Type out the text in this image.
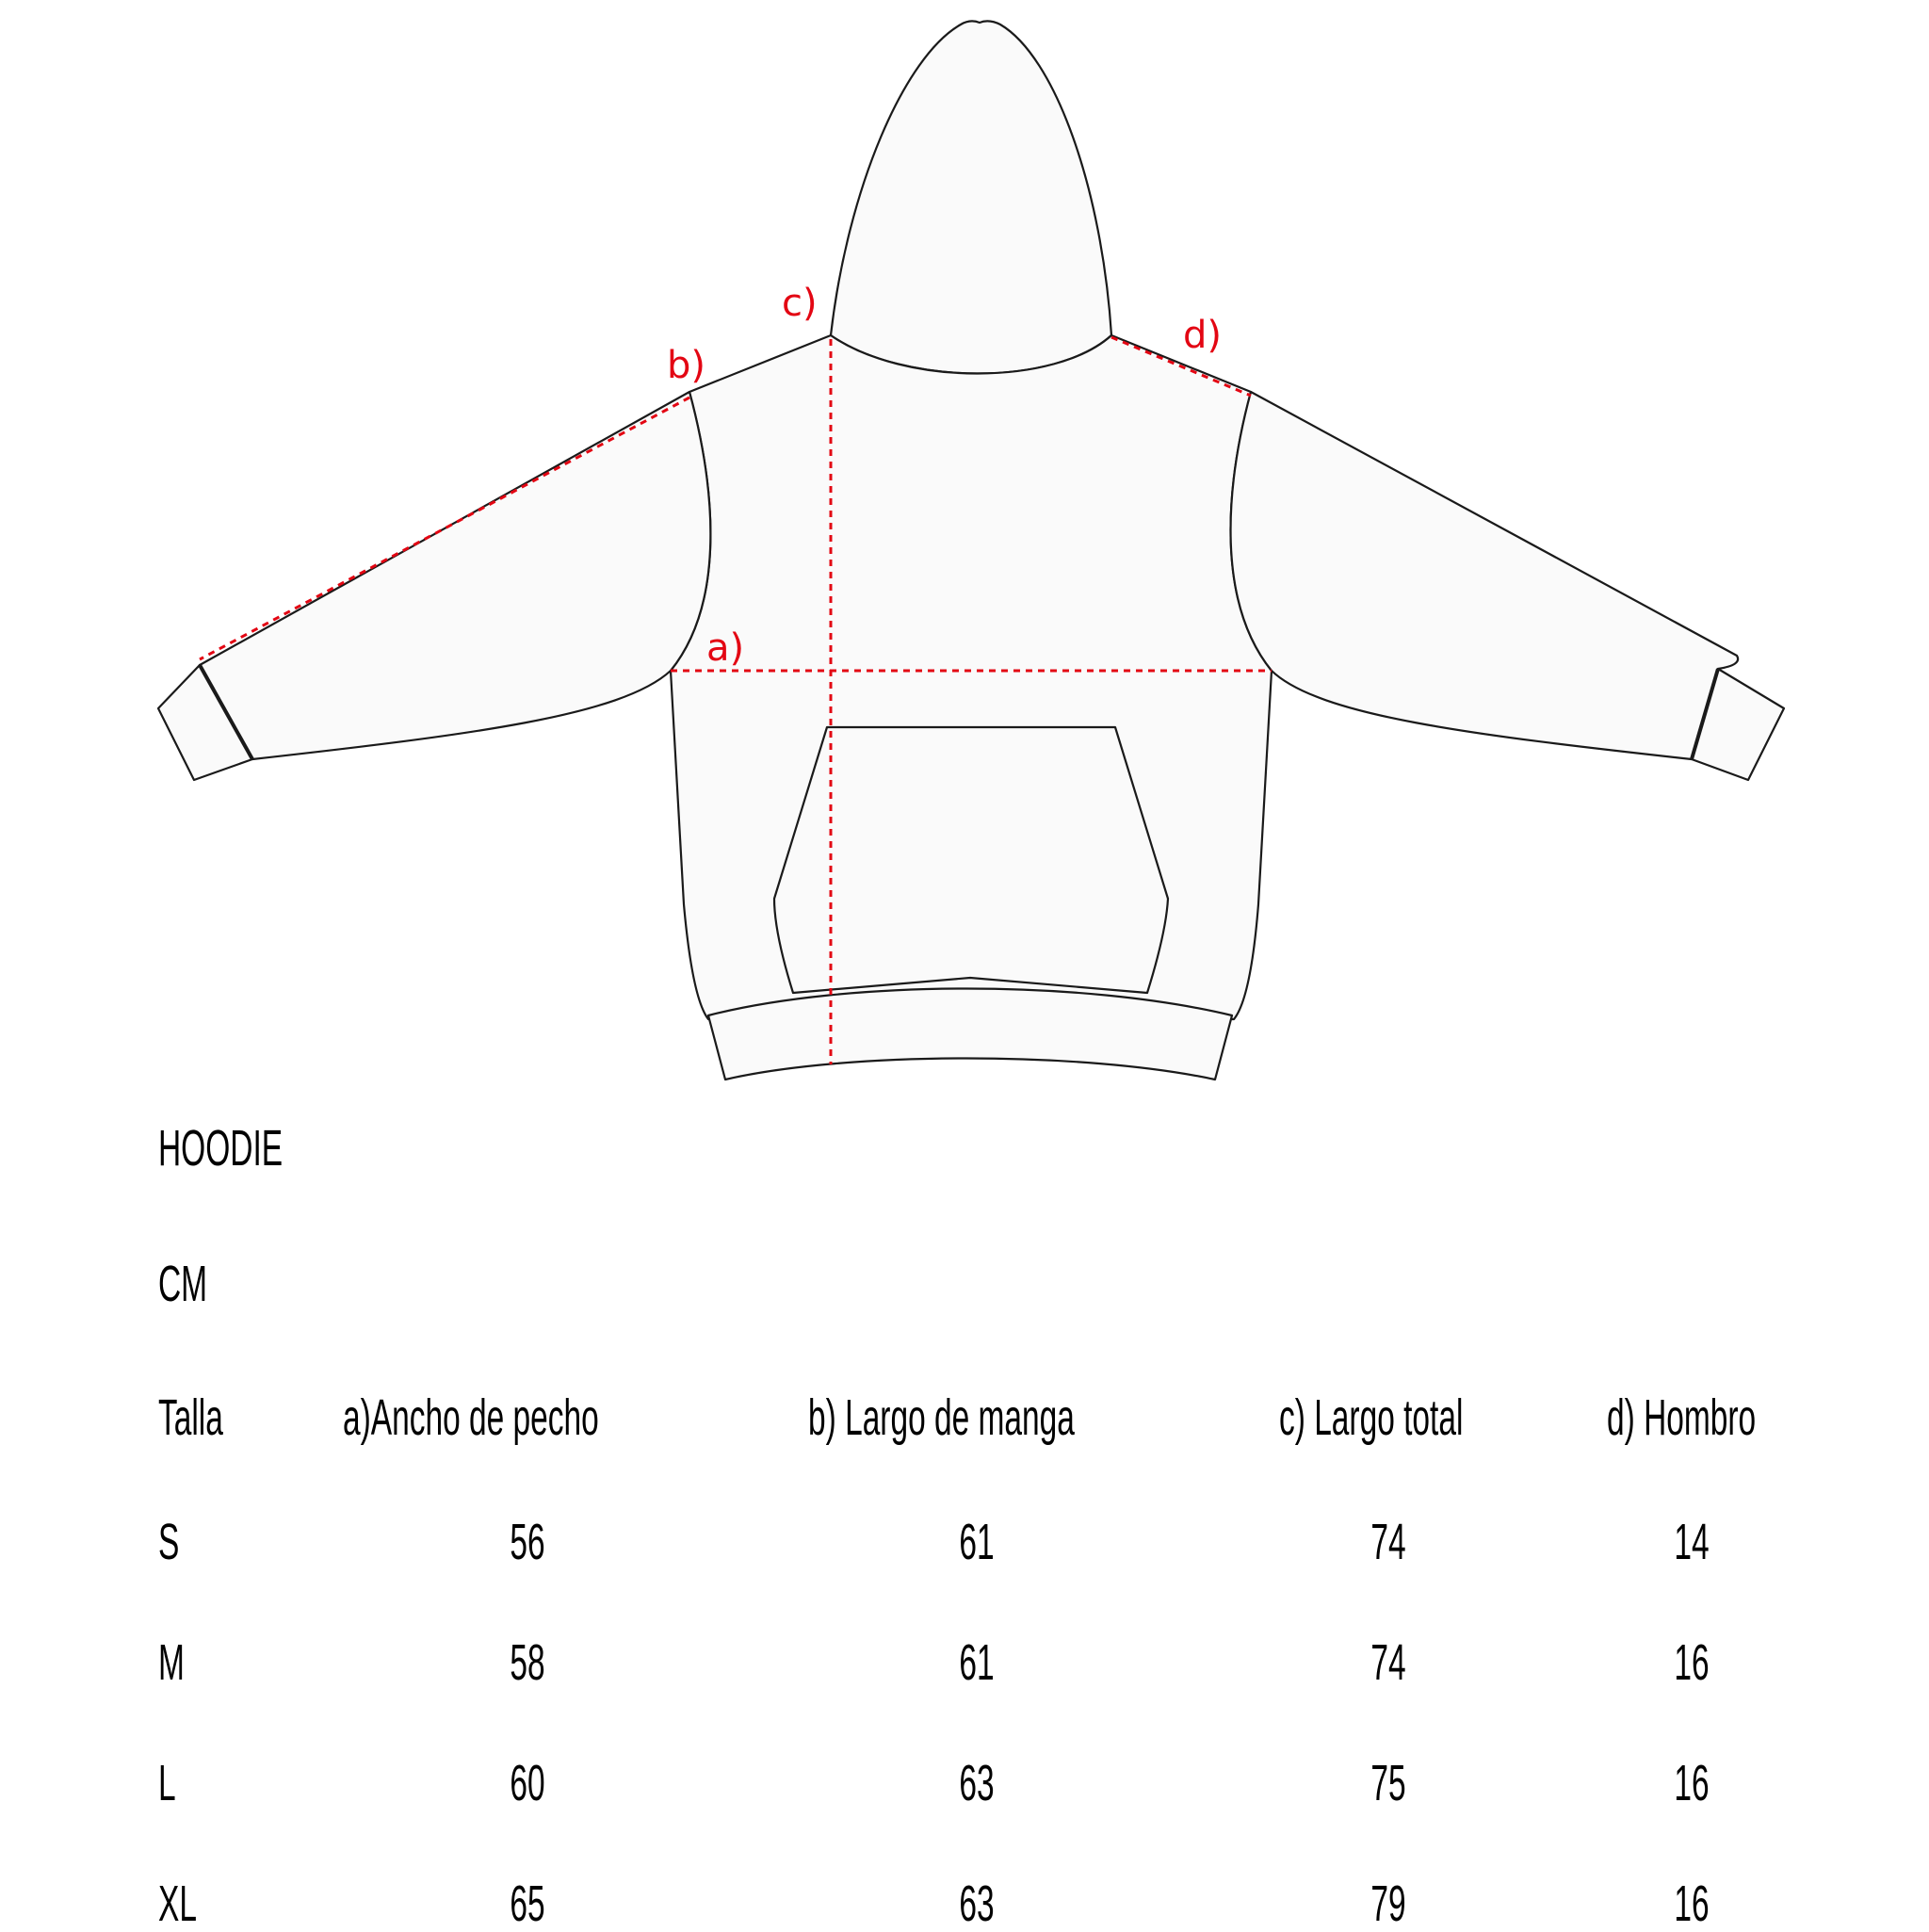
a)
b)
c)
d)
HOODIE
CM
Talla a)Ancho de pecho	b) Largo de manga	c) Largo total	d) Hombro
S	56	61	74	14
M	58	61	74	16
L	60	63	75	16
XL	65	63	79	16
